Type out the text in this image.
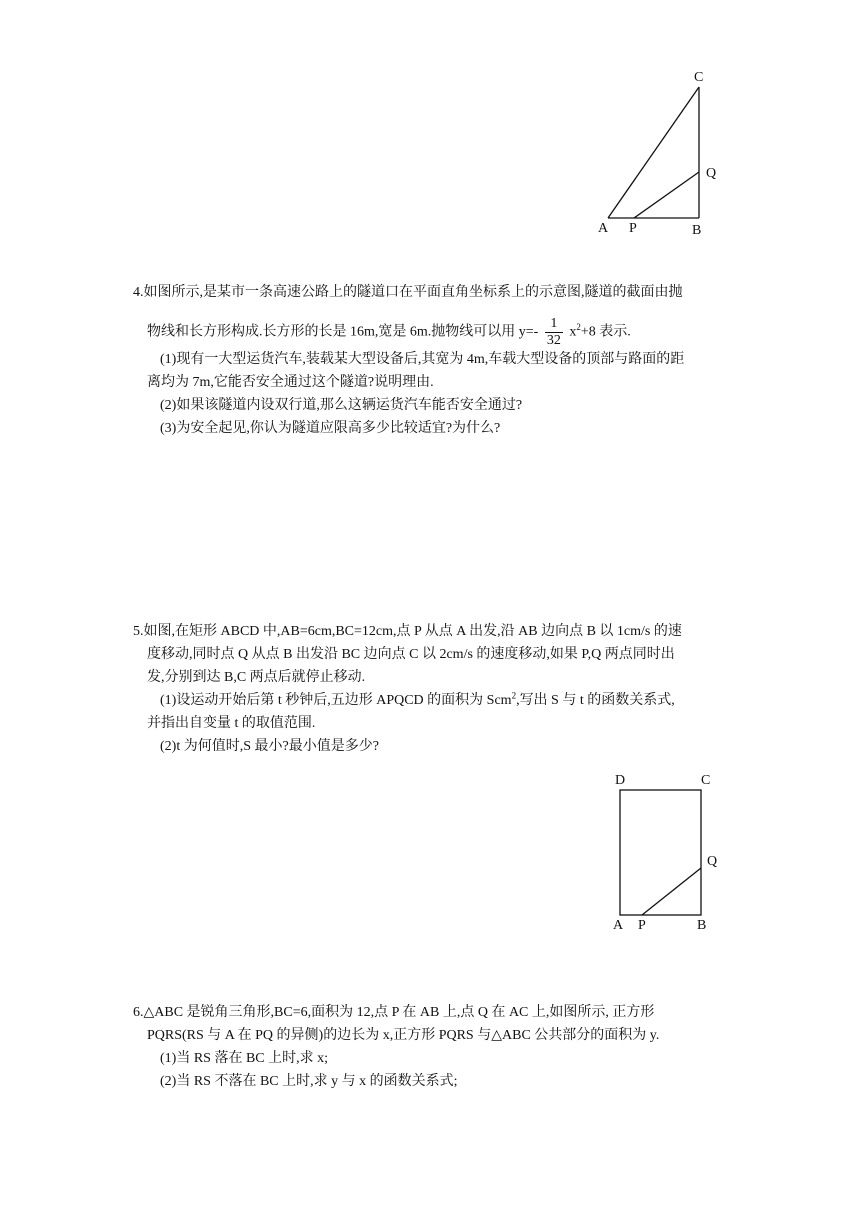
A P	B
Q
C
4.如图所示,是某市一条高速公路上的隧道口在平面直角坐标系上的示意图,隧道的截面由抛
物线和长方形构成.长方形的长是 16m,宽是 6m.抛物线可以用 $y=- \frac{1}{32} x^2+8$ 表示.
(1)现有一大型运货汽车,装载某大型设备后,其宽为 4m,车载大型设备的顶部与路面的距
离均为 7m,它能否安全通过这个隧道?说明理由.
(2)如果该隧道内设双行道,那么这辆运货汽车能否安全通过?
(3)为安全起见,你认为隧道应限高多少比较适宜?为什么?
5.如图,在矩形 ABCD 中,AB=6cm,BC=12cm,点 P 从点 A 出发,沿 AB 边向点 B 以 1cm/s 的速
度移动,同时点 Q 从点 B 出发沿 BC 边向点 C 以 2cm/s 的速度移动,如果 P,Q 两点同时出
发,分别到达 B,C 两点后就停止移动.
(1)设运动开始后第 t 秒钟后,五边形 APQCD 的面积为 Scm$^2$,写出 S 与 t 的函数关系式,
并指出自变量 t 的取值范围.
(2)t 为何值时,S 最小?最小值是多少?
D	C
Q
A P	B
6.△ABC 是锐角三角形,BC=6,面积为 12,点 P 在 AB 上,点 Q 在 AC 上,如图所示, 正方形
PQRS(RS 与 A 在 PQ 的异侧)的边长为 x,正方形 PQRS 与△ABC 公共部分的面积为 y.
(1)当 RS 落在 BC 上时,求 x;
(2)当 RS 不落在 BC 上时,求 y 与 x 的函数关系式;
